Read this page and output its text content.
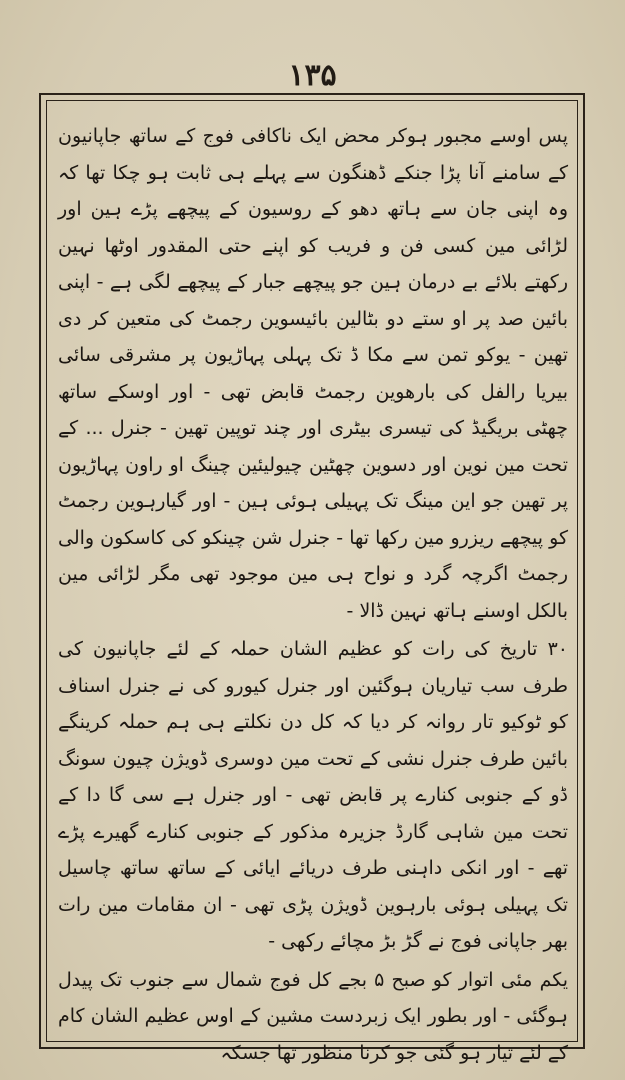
۱۳۵

پس اوسے مجبور ہوکر محض ایک ناکافی فوج کے ساتھ جاپانیون کے سامنے آنا پڑا جنکے ڈھنگون سے پہلے ہی ثابت ہو چکا تھا کہ وہ اپنی جان سے ہاتھ دھو کے روسیون کے پیچھے پڑے ہین اور لڑائی مین کسی فن و فریب کو اپنے حتی المقدور اوٹھا نہین رکھتے بلائے بے درمان ہین جو پیچھے جبار کے پیچھے لگی ہے - اپنی بائین صد پر او ستے دو بٹالین بائیسوین رجمٹ کی متعین کر دی تھین - یوکو تمن سے مکا ڈ تک پہلی پہاڑیون پر مشرقی سائی بیریا رالفل کی بارھوین رجمٹ قابض تھی - اور اوسکے ساتھ چھٹی بریگیڈ کی تیسری بیٹری اور چند توپین تھین - جنرل ... کے تحت مین نوین اور دسوین چھٹین چیولیئین چینگ او راون پہاڑیون پر تھین جو این مینگ تک پہیلی ہوئی ہین - اور گیارہوین رجمٹ کو پیچھے ریزرو مین رکھا تھا - جنرل شن چینکو کی کاسکون والی رجمٹ اگرچہ گرد و نواح ہی مین موجود تھی مگر لڑائی مین بالکل اوسنے ہاتھ نہین ڈالا -

۳۰ تاریخ کی رات کو عظیم الشان حملہ کے لئے جاپانیون کی طرف سب تیاریان ہوگئین اور جنرل کیورو کی نے جنرل اسناف کو ٹوکیو تار روانہ کر دیا کہ کل دن نکلتے ہی ہم حملہ کرینگے بائین طرف جنرل نشی کے تحت مین دوسری ڈویژن چیون سونگ ڈو کے جنوبی کنارے پر قابض تھی - اور جنرل ہے سی گا دا کے تحت مین شاہی گارڈ جزیرہ مذکور کے جنوبی کنارے گھیرے پڑے تھے - اور انکی داہنی طرف دریائے ایائی کے ساتھ ساتھ چاسیل تک پہیلی ہوئی بارہوین ڈویژن پڑی تھی - ان مقامات مین رات بھر جاپانی فوج نے گڑ بڑ مچائے رکھی -

یکم مئی اتوار کو صبح ۵ بجے کل فوج شمال سے جنوب تک پیدل ہوگئی - اور بطور ایک زبردست مشین کے اوس عظیم الشان کام کے لئے تیار ہو گئی جو کرنا منظور تھا جسکہ
